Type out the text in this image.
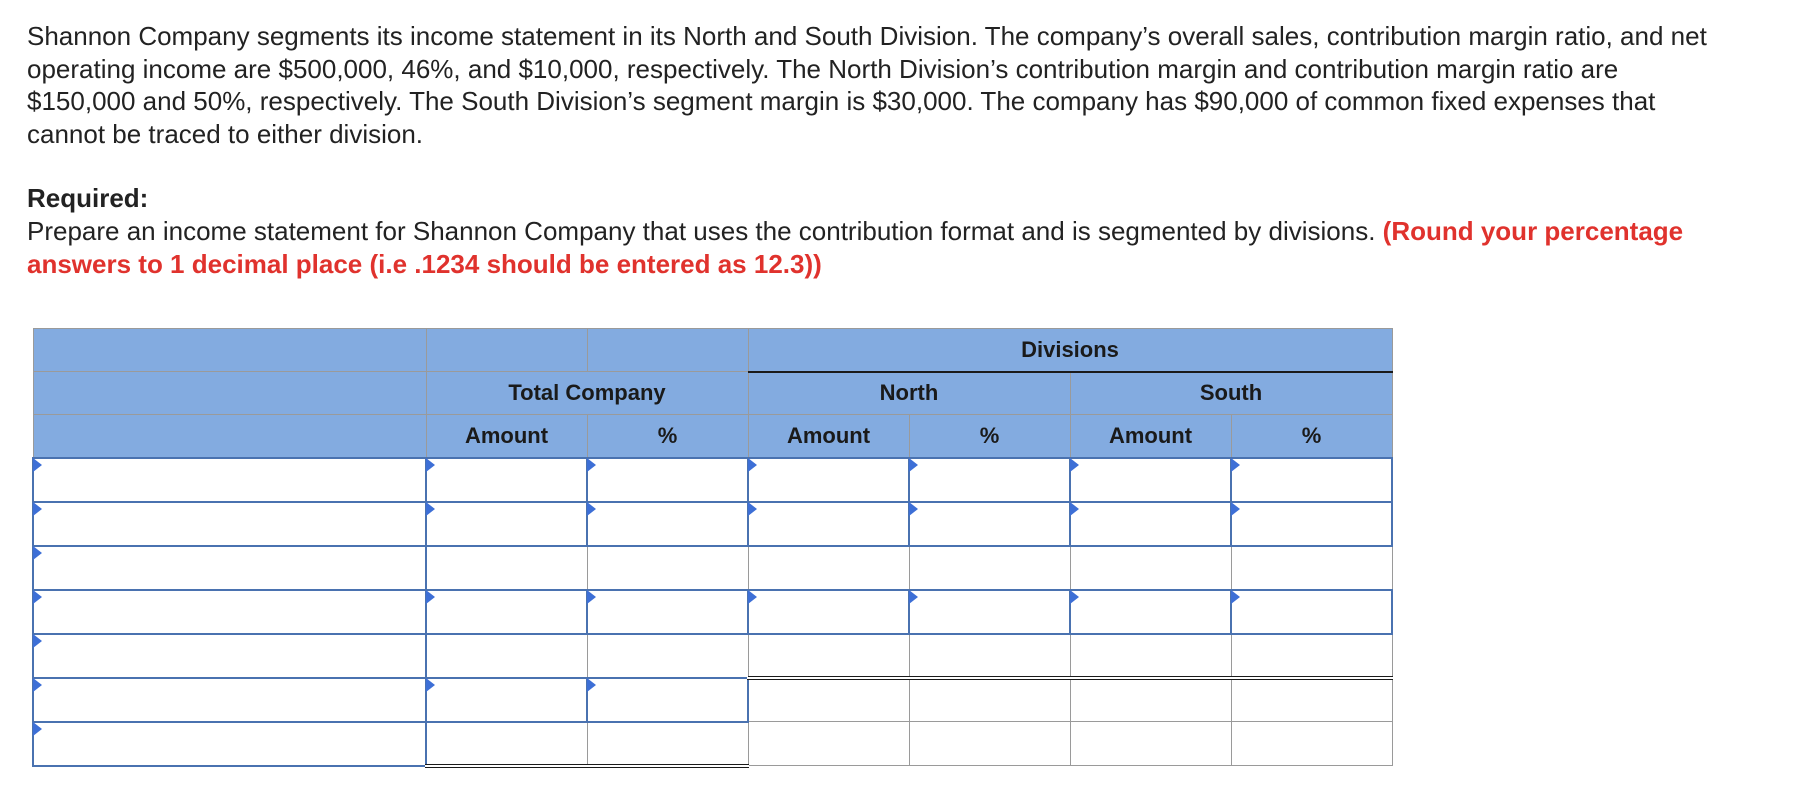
Shannon Company segments its income statement in its North and South Division. The company’s overall sales, contribution margin ratio, and net operating income are $500,000, 46%, and $10,000, respectively. The North Division’s contribution margin and contribution margin ratio are $150,000 and 50%, respectively. The South Division’s segment margin is $30,000. The company has $90,000 of common fixed expenses that cannot be traced to either division.

Required:

Prepare an income statement for Shannon Company that uses the contribution format and is segmented by divisions. (Round your percentage answers to 1 decimal place (i.e .1234 should be entered as 12.3))

			Divisions			
	Total Company		North		South	
	Amount	%	Amount	%	Amount	%
